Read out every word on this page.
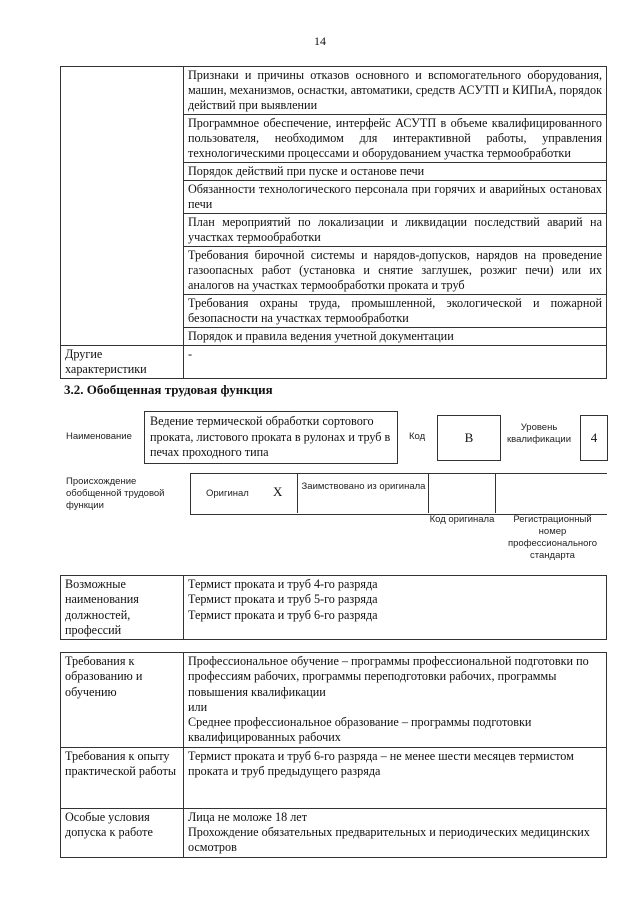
14
	Признаки и причины отказов основного и вспомогательного оборудования, машин, механизмов, оснастки, автоматики, средств АСУТП и КИПиА, порядок действий при выявлении
	Программное обеспечение, интерфейс АСУТП в объеме квалифицированного пользователя, необходимом для интерактивной работы, управления технологическими процессами и оборудованием участка термообработки
	Порядок действий при пуске и останове печи
	Обязанности технологического персонала при горячих и аварийных остановах печи
	План мероприятий по локализации и ликвидации последствий аварий на участках термообработки
	Требования бирочной системы и нарядов-допусков, нарядов на проведение газоопасных работ (установка и снятие заглушек, розжиг печи) или их аналогов на участках термообработки проката и труб
	Требования охраны труда, промышленной, экологической и пожарной безопасности на участках термообработки
	Порядок и правила ведения учетной документации
Другие характеристики	-
3.2. Обобщенная трудовая функция
Наименование
Ведение термической обработки сортового проката, листового проката в рулонах и труб в печах проходного типа
Код	B
Уровень квалификации	4
Происхождение обобщенной трудовой функции
Оригинал X Заимствовано из оригинала
Код оригинала	Регистрационный номер профессионального стандарта
Возможные наименования должностей, профессий	
Термист проката и труб 4-го разряда
Термист проката и труб 5-го разряда
Термист проката и труб 6-го разряда
Требования к образованию и обучению	Профессиональное обучение – программы профессиональной подготовки по профессиям рабочих, программы переподготовки рабочих, программы повышения квалификации
или
Среднее профессиональное образование – программы подготовки квалифицированных рабочих

Требования к опыту практической работы	Термист проката и труб 6-го разряда – не менее шести месяцев термистом проката и труб предыдущего разряда
Особые условия допуска к работе	Лица не моложе 18 лет
Прохождение обязательных предварительных и периодических медицинских осмотров
